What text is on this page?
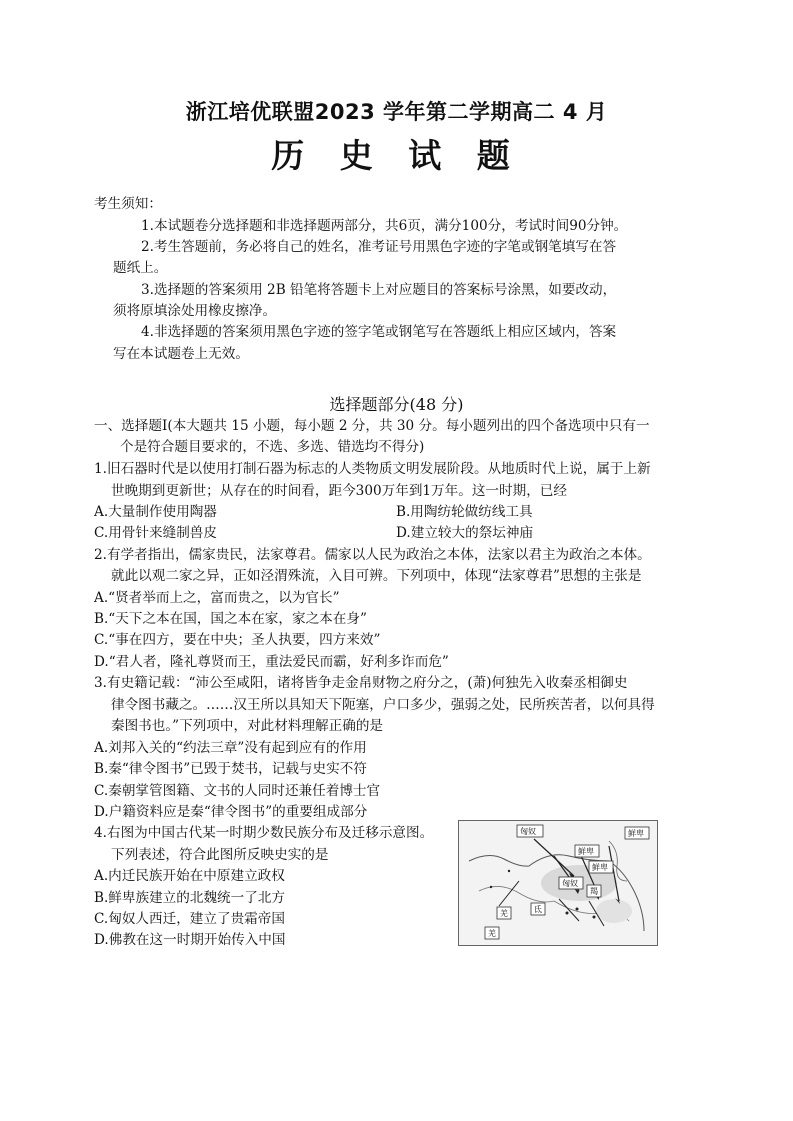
浙江培优联盟2023 学年第二学期高二 4 月
历 史 试 题
考生须知：
1.本试题卷分选择题和非选择题两部分，共6页，满分100分，考试时间90分钟。
2.考生答题前，务必将自己的姓名，准考证号用黑色字迹的字笔或钢笔填写在答
题纸上。
3.选择题的答案须用 2B 铅笔将答题卡上对应题目的答案标号涂黑，如要改动，
须将原填涂处用橡皮擦净。
4.非选择题的答案须用黑色字迹的签字笔或钢笔写在答题纸上相应区域内，答案
写在本试题卷上无效。
选择题部分(48 分)
一、选择题Ⅰ(本大题共 15 小题，每小题 2 分，共 30 分。每小题列出的四个备选项中只有一
个是符合题目要求的，不选、多选、错选均不得分)
1.旧石器时代是以使用打制石器为标志的人类物质文明发展阶段。从地质时代上说，属于上新
世晚期到更新世；从存在的时间看，距今300万年到1万年。这一时期，已经
A.大量制作使用陶器	B.用陶纺轮做纺线工具
C.用骨针来缝制兽皮	D.建立较大的祭坛神庙
2.有学者指出，儒家贵民，法家尊君。儒家以人民为政治之本体，法家以君主为政治之本体。
就此以观二家之异，正如泾渭殊流，入目可辨。下列项中，体现“法家尊君”思想的主张是
A.“贤者举而上之，富而贵之，以为官长”
B.“天下之本在国，国之本在家，家之本在身”
C.“事在四方，要在中央；圣人执要，四方来效”
D.“君人者，隆礼尊贤而王，重法爱民而霸，好利多诈而危”
3.有史籍记载：“沛公至咸阳，诸将皆争走金帛财物之府分之，(萧)何独先入收秦丞相御史
律令图书藏之。……汉王所以具知天下阨塞，户口多少，强弱之处，民所疾苦者，以何具得
秦图书也。”下列项中，对此材料理解正确的是
A.刘邦入关的“约法三章”没有起到应有的作用
B.秦“律令图书”已毁于焚书，记载与史实不符
C.秦朝掌管图籍、文书的人同时还兼任着博士官
D.户籍资料应是秦“律令图书”的重要组成部分
4.右图为中国古代某一时期少数民族分布及迁移示意图。
下列表述，符合此图所反映史实的是
A.内迁民族开始在中原建立政权
B.鲜卑族建立的北魏统一了北方
C.匈奴人西迁，建立了贵霜帝国
D.佛教在这一时期开始传入中国
匈奴	鲜卑
鲜卑
鲜卑
匈奴
羯
氐
羌
羌
